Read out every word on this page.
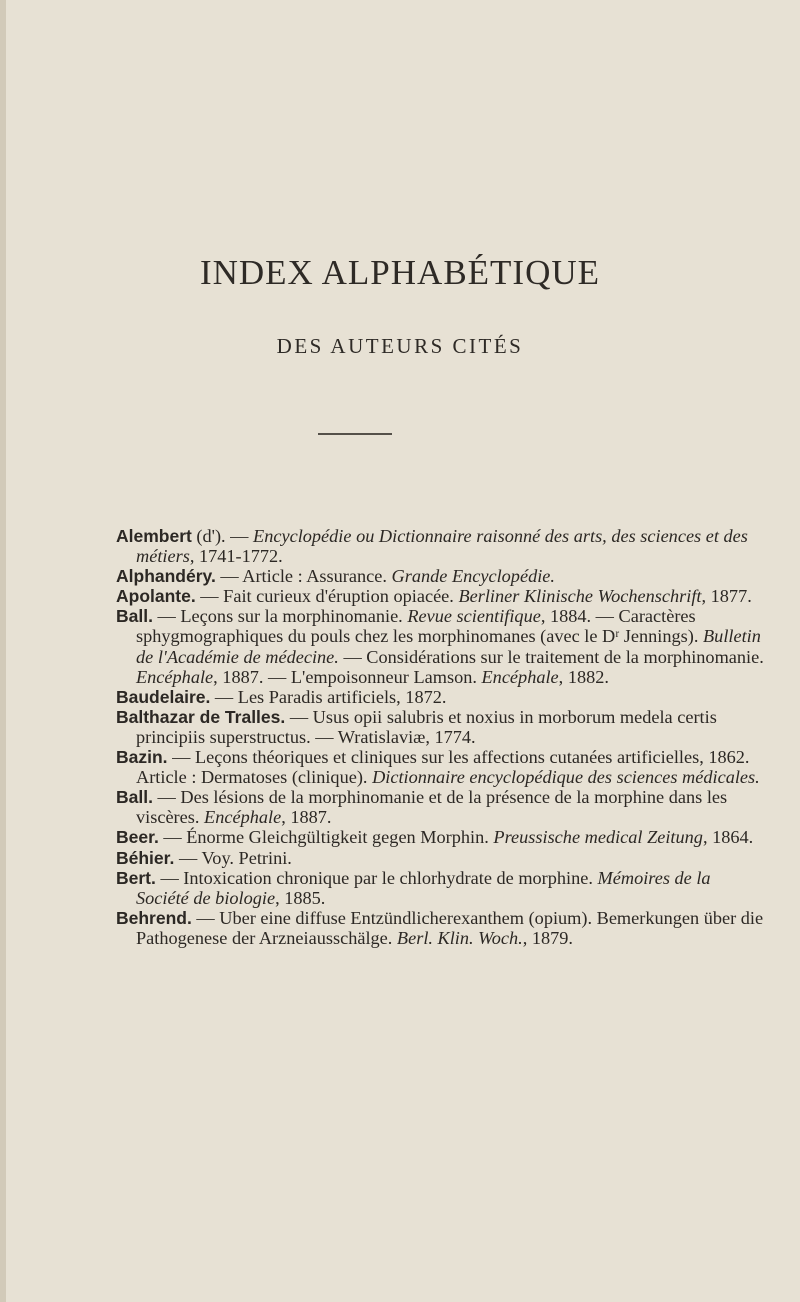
INDEX ALPHABÉTIQUE
DES AUTEURS CITÉS

Alembert (d'). — Encyclopédie ou Dictionnaire raisonné des arts, des sciences et des métiers, 1741-1772.

Alphandéry. — Article : Assurance. Grande Encyclopédie.

Apolante. — Fait curieux d'éruption opiacée. Berliner Klinische Wochenschrift, 1877.

Ball. — Leçons sur la morphinomanie. Revue scientifique, 1884. — Caractères sphygmographiques du pouls chez les morphinomanes (avec le Dʳ Jennings). Bulletin de l'Académie de médecine. — Considérations sur le traitement de la morphinomanie. Encéphale, 1887. — L'empoisonneur Lamson. Encéphale, 1882.

Baudelaire. — Les Paradis artificiels, 1872.

Balthazar de Tralles. — Usus opii salubris et noxius in morborum medela certis principiis superstructus. — Wratislaviæ, 1774.

Bazin. — Leçons théoriques et cliniques sur les affections cutanées artificielles, 1862. Article : Dermatoses (clinique). Dictionnaire encyclopédique des sciences médicales.

Ball. — Des lésions de la morphinomanie et de la présence de la morphine dans les viscères. Encéphale, 1887.

Beer. — Énorme Gleichgültigkeit gegen Morphin. Preussische medical Zeitung, 1864.

Béhier. — Voy. Petrini.

Bert. — Intoxication chronique par le chlorhydrate de morphine. Mémoires de la Société de biologie, 1885.

Behrend. — Uber eine diffuse Entzündlicherexanthem (opium). Bemerkungen über die Pathogenese der Arzneiausschälge. Berl. Klin. Woch., 1879.
